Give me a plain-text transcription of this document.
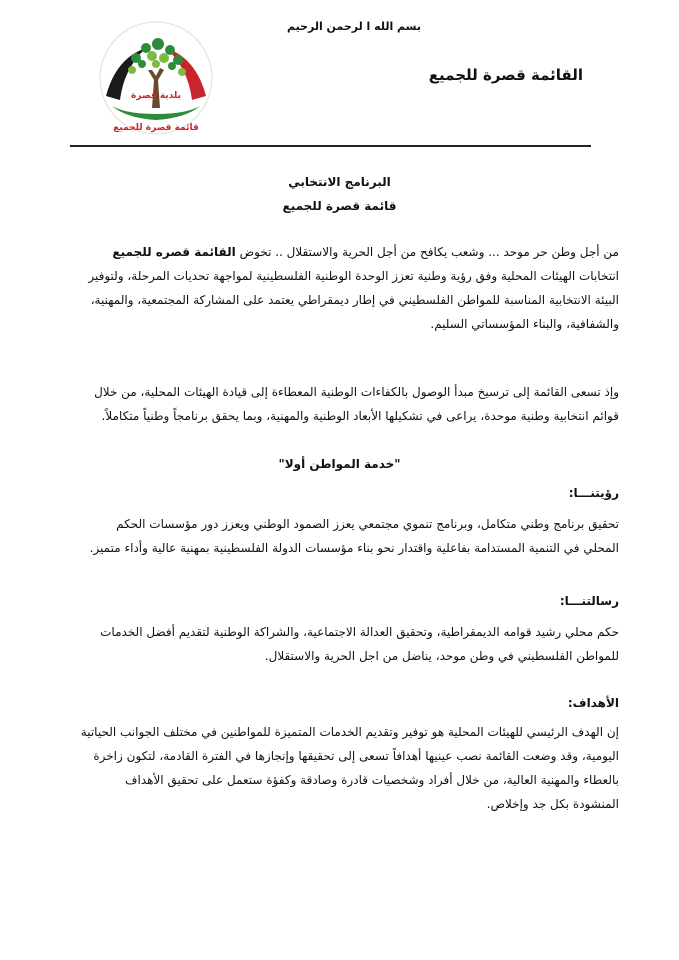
بسم الله ا لرحمن الرحيم
القائمة قصرة للجميع
بلدية قصرة
قائمة قصرة للجميع
البرنامج الانتخابي
قائمة قصرة للجميع
من أجل وطن حر موحد ... وشعب يكافح من أجل الحرية والاستقلال .. تخوض القائمة قصره للجميع
انتخابات الهيئات المحلية وفق رؤية وطنية تعزز الوحدة الوطنية الفلسطينية لمواجهة تحديات المرحلة، ولتوفير
البيئة الانتخابية المناسبة للمواطن الفلسطيني في إطار ديمقراطي يعتمد على المشاركة المجتمعية، والمهنية،
والشفافية، والبناء المؤسساتي السليم.
وإذ تسعى القائمة إلى ترسيخ مبدأ الوصول بالكفاءات الوطنية المعطاءة إلى قيادة الهيئات المحلية، من خلال
قوائم انتخابية وطنية موحدة، يراعى في تشكيلها الأبعاد الوطنية والمهنية، وبما يحقق برنامجاً وطنياً متكاملاً.
"خدمة المواطن أولا"
رؤيتنـــا:
تحقيق برنامج وطني متكامل، وبرنامج تنموي مجتمعي يعزز الصمود الوطني ويعزز دور مؤسسات الحكم
المحلي في التنمية المستدامة بفاعلية واقتدار نحو بناء مؤسسات الدولة الفلسطينية بمهنية عالية وأداء متميز.
رسالتنـــا:
حكم محلي رشيد قوامه الديمقراطية، وتحقيق العدالة الاجتماعية، والشراكة الوطنية لتقديم أفضل الخدمات
للمواطن الفلسطيني في وطن موحد، يناضل من اجل الحرية والاستقلال.
الأهداف:
إن الهدف الرئيسي للهيئات المحلية هو توفير وتقديم الخدمات المتميزة للمواطنين في مختلف الجوانب الحياتية
اليومية، وقد وضعت القائمة نصب عينيها أهدافاً تسعى إلى تحقيقها وإنجازها في الفترة القادمة، لتكون زاخرة
بالعطاء والمهنية العالية، من خلال أفراد وشخصيات قادرة وصادقة وكفؤة ستعمل على تحقيق الأهداف
المنشودة بكل جد وإخلاص.
